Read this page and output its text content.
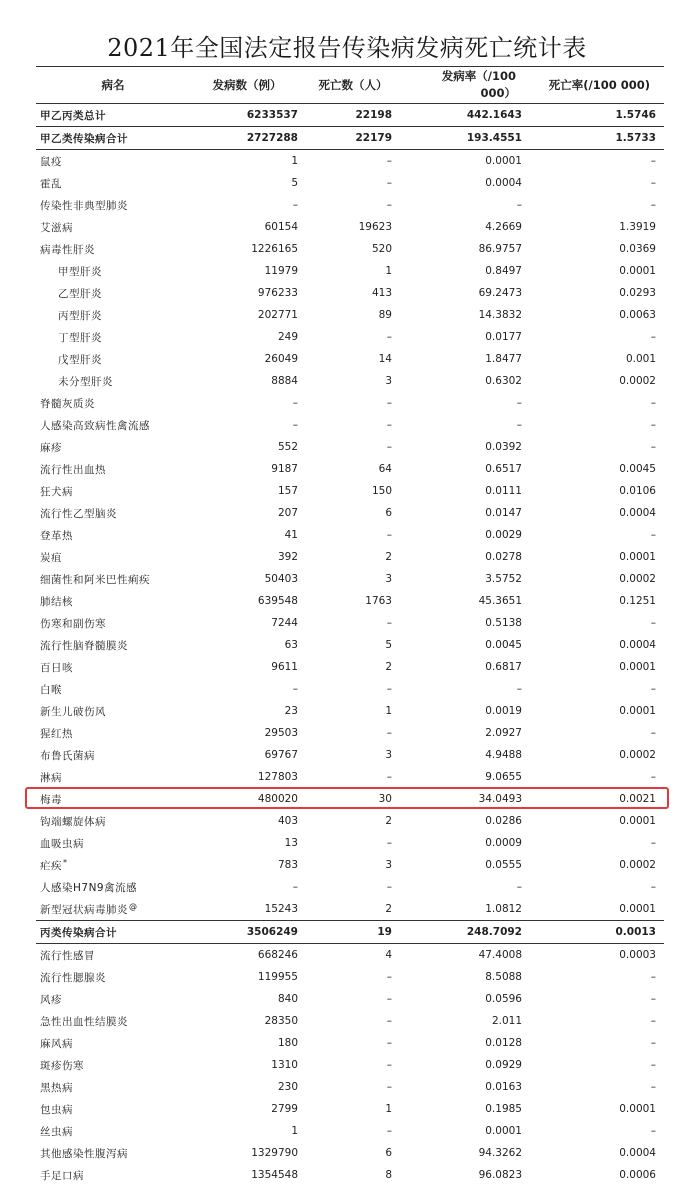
2021年全国法定报告传染病发病死亡统计表
病名	发病数（例）	死亡数（人）	发病率（/100
000）	死亡率(/100 000)
甲乙丙类总计	6233537	22198	442.1643	1.5746
甲乙类传染病合计	2727288	22179	193.4551	1.5733
鼠疫	1	–	0.0001	–
霍乱	5	–	0.0004	–
传染性非典型肺炎	–	–	–	–
艾滋病	60154	19623	4.2669	1.3919
病毒性肝炎	1226165	520	86.9757	0.0369
甲型肝炎	11979	1	0.8497	0.0001
乙型肝炎	976233	413	69.2473	0.0293
丙型肝炎	202771	89	14.3832	0.0063
丁型肝炎	249	–	0.0177	–
戊型肝炎	26049	14	1.8477	0.001
未分型肝炎	8884	3	0.6302	0.0002
脊髓灰质炎	–	–	–	–
人感染高致病性禽流感	–	–	–	–
麻疹	552	–	0.0392	–
流行性出血热	9187	64	0.6517	0.0045
狂犬病	157	150	0.0111	0.0106
流行性乙型脑炎	207	6	0.0147	0.0004
登革热	41	–	0.0029	–
炭疽	392	2	0.0278	0.0001
细菌性和阿米巴性痢疾	50403	3	3.5752	0.0002
肺结核	639548	1763	45.3651	0.1251
伤寒和副伤寒	7244	–	0.5138	–
流行性脑脊髓膜炎	63	5	0.0045	0.0004
百日咳	9611	2	0.6817	0.0001
白喉	–	–	–	–
新生儿破伤风	23	1	0.0019	0.0001
猩红热	29503	–	2.0927	–
布鲁氏菌病	69767	3	4.9488	0.0002
淋病	127803	–	9.0655	–
梅毒	480020	30	34.0493	0.0021
钩端螺旋体病	403	2	0.0286	0.0001
血吸虫病	13	–	0.0009	–
疟疾*	783	3	0.0555	0.0002
人感染H7N9禽流感	–	–	–	–
新型冠状病毒肺炎@	15243	2	1.0812	0.0001
丙类传染病合计	3506249	19	248.7092	0.0013
流行性感冒	668246	4	47.4008	0.0003
流行性腮腺炎	119955	–	8.5088	–
风疹	840	–	0.0596	–
急性出血性结膜炎	28350	–	2.011	–
麻风病	180	–	0.0128	–
斑疹伤寒	1310	–	0.0929	–
黑热病	230	–	0.0163	–
包虫病	2799	1	0.1985	0.0001
丝虫病	1	–	0.0001	–
其他感染性腹泻病	1329790	6	94.3262	0.0004
手足口病	1354548	8	96.0823	0.0006
